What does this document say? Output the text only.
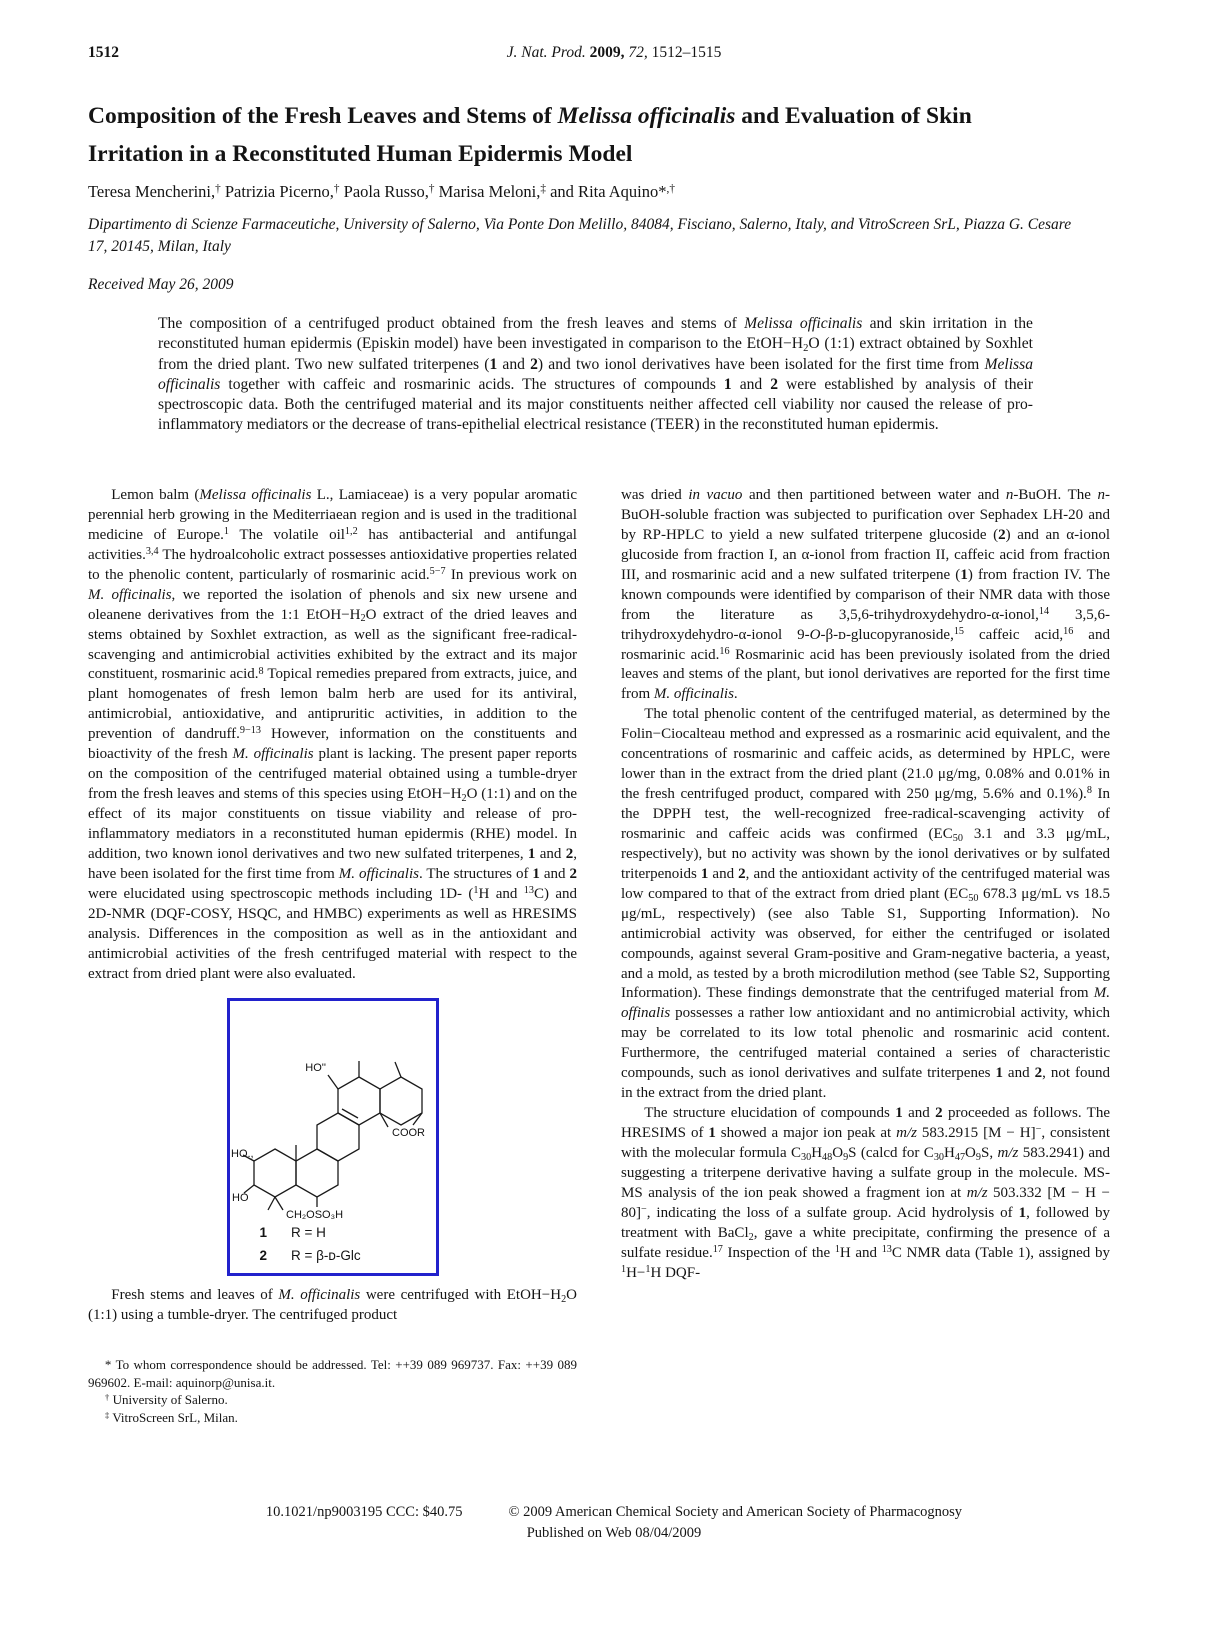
1512	J. Nat. Prod. 2009, 72, 1512–1515
Composition of the Fresh Leaves and Stems of Melissa officinalis and Evaluation of Skin Irritation in a Reconstituted Human Epidermis Model
Teresa Mencherini,† Patrizia Picerno,† Paola Russo,† Marisa Meloni,‡ and Rita Aquino*,†
Dipartimento di Scienze Farmaceutiche, University of Salerno, Via Ponte Don Melillo, 84084, Fisciano, Salerno, Italy, and VitroScreen SrL, Piazza G. Cesare 17, 20145, Milan, Italy
Received May 26, 2009
The composition of a centrifuged product obtained from the fresh leaves and stems of Melissa officinalis and skin irritation in the reconstituted human epidermis (Episkin model) have been investigated in comparison to the $EtOH-H_2O$ (1:1) extract obtained by Soxhlet from the dried plant. Two new sulfated triterpenes (1 and 2) and two ionol derivatives have been isolated for the first time from Melissa officinalis together with caffeic and rosmarinic acids. The structures of compounds 1 and 2 were established by analysis of their spectroscopic data. Both the centrifuged material and its major constituents neither affected cell viability nor caused the release of pro-inflammatory mediators or the decrease of trans-epithelial electrical resistance (TEER) in the reconstituted human epidermis.

Lemon balm (Melissa officinalis L., Lamiaceae) is a very popular aromatic perennial herb growing in the Mediterriaean region and is used in the traditional medicine of Europe.$^1$ The volatile oil$^{1,2}$ has antibacterial and antifungal activities.$^{3,4}$ The hydroalcoholic extract possesses antioxidative properties related to the phenolic content, particularly of rosmarinic acid.$^{5-7}$ In previous work on M. officinalis, we reported the isolation of phenols and six new ursene and oleanene derivatives from the 1:1 $EtOH-H_2O$ extract of the dried leaves and stems obtained by Soxhlet extraction, as well as the significant free-radical-scavenging and antimicrobial activities exhibited by the extract and its major constituent, rosmarinic acid.$^8$ Topical remedies prepared from extracts, juice, and plant homogenates of fresh lemon balm herb are used for its antiviral, antimicrobial, antioxidative, and antipruritic activities, in addition to the prevention of dandruff.$^{9-13}$ However, information on the constituents and bioactivity of the fresh M. officinalis plant is lacking. The present paper reports on the composition of the centrifuged material obtained using a tumble-dryer from the fresh leaves and stems of this species using $EtOH-H_2O$ (1:1) and on the effect of its major constituents on tissue viability and release of pro-inflammatory mediators in a reconstituted human epidermis (RHE) model. In addition, two known ionol derivatives and two new sulfated triterpenes, 1 and 2, have been isolated for the first time from M. officinalis. The structures of 1 and 2 were elucidated using spectroscopic methods including 1D- ($^1$H and $^{13}$C) and 2D-NMR (DQF-COSY, HSQC, and HMBC) experiments as well as HRESIMS analysis. Differences in the composition as well as in the antioxidant and antimicrobial activities of the fresh centrifuged material with respect to the extract from dried plant were also evaluated.

HO''
COOR
HO.,
HO
CH₂OSO₃H
1 R = H
2 R = β-ᴅ-Glc

Fresh stems and leaves of M. officinalis were centrifuged with $EtOH-H_2O$ (1:1) using a tumble-dryer. The centrifuged product

* To whom correspondence should be addressed. Tel: ++39 089 969737. Fax: ++39 089 969602. E-mail: aquinorp@unisa.it.

† University of Salerno.

‡ VitroScreen SrL, Milan.

was dried in vacuo and then partitioned between water and n-BuOH. The n-BuOH-soluble fraction was subjected to purification over Sephadex LH-20 and by RP-HPLC to yield a new sulfated triterpene glucoside (2) and an α-ionol glucoside from fraction I, an α-ionol from fraction II, caffeic acid from fraction III, and rosmarinic acid and a new sulfated triterpene (1) from fraction IV. The known compounds were identified by comparison of their NMR data with those from the literature as 3,5,6-trihydroxydehydro-α-ionol,$^{14}$ 3,5,6-trihydroxydehydro-α-ionol 9-O-β-ᴅ-glucopyranoside,$^{15}$ caffeic acid,$^{16}$ and rosmarinic acid.$^{16}$ Rosmarinic acid has been previously isolated from the dried leaves and stems of the plant, but ionol derivatives are reported for the first time from M. officinalis.

The total phenolic content of the centrifuged material, as determined by the Folin−Ciocalteau method and expressed as a rosmarinic acid equivalent, and the concentrations of rosmarinic and caffeic acids, as determined by HPLC, were lower than in the extract from the dried plant (21.0 μg/mg, 0.08% and 0.01% in the fresh centrifuged product, compared with 250 μg/mg, 5.6% and 0.1%).$^8$ In the DPPH test, the well-recognized free-radical-scavenging activity of rosmarinic and caffeic acids was confirmed ($EC_{50}$ 3.1 and 3.3 μg/mL, respectively), but no activity was shown by the ionol derivatives or by sulfated triterpenoids 1 and 2, and the antioxidant activity of the centrifuged material was low compared to that of the extract from dried plant ($EC_{50}$ 678.3 μg/mL vs 18.5 μg/mL, respectively) (see also Table S1, Supporting Information). No antimicrobial activity was observed, for either the centrifuged or isolated compounds, against several Gram-positive and Gram-negative bacteria, a yeast, and a mold, as tested by a broth microdilution method (see Table S2, Supporting Information). These findings demonstrate that the centrifuged material from M. offinalis possesses a rather low antioxidant and no antimicrobial activity, which may be correlated to its low total phenolic and rosmarinic acid content. Furthermore, the centrifuged material contained a series of characteristic compounds, such as ionol derivatives and sulfate triterpenes 1 and 2, not found in the extract from the dried plant.

The structure elucidation of compounds 1 and 2 proceeded as follows. The HRESIMS of 1 showed a major ion peak at m/z 583.2915 [M − H]−, consistent with the molecular formula $C_{30}H_{48}O_9S$ (calcd for $C_{30}H_{47}O_9S$, m/z 583.2941) and suggesting a triterpene derivative having a sulfate group in the molecule. MS-MS analysis of the ion peak showed a fragment ion at m/z 503.332 [M − H − 80]−, indicating the loss of a sulfate group. Acid hydrolysis of 1, followed by treatment with BaCl$_2$, gave a white precipitate, confirming the presence of a sulfate residue.$^{17}$ Inspection of the $^1$H and $^{13}$C NMR data (Table 1), assigned by $^1$H−$^1$H DQF-

10.1021/np9003195 CCC: $40.75	© 2009 American Chemical Society and American Society of Pharmacognosy
Published on Web 08/04/2009
